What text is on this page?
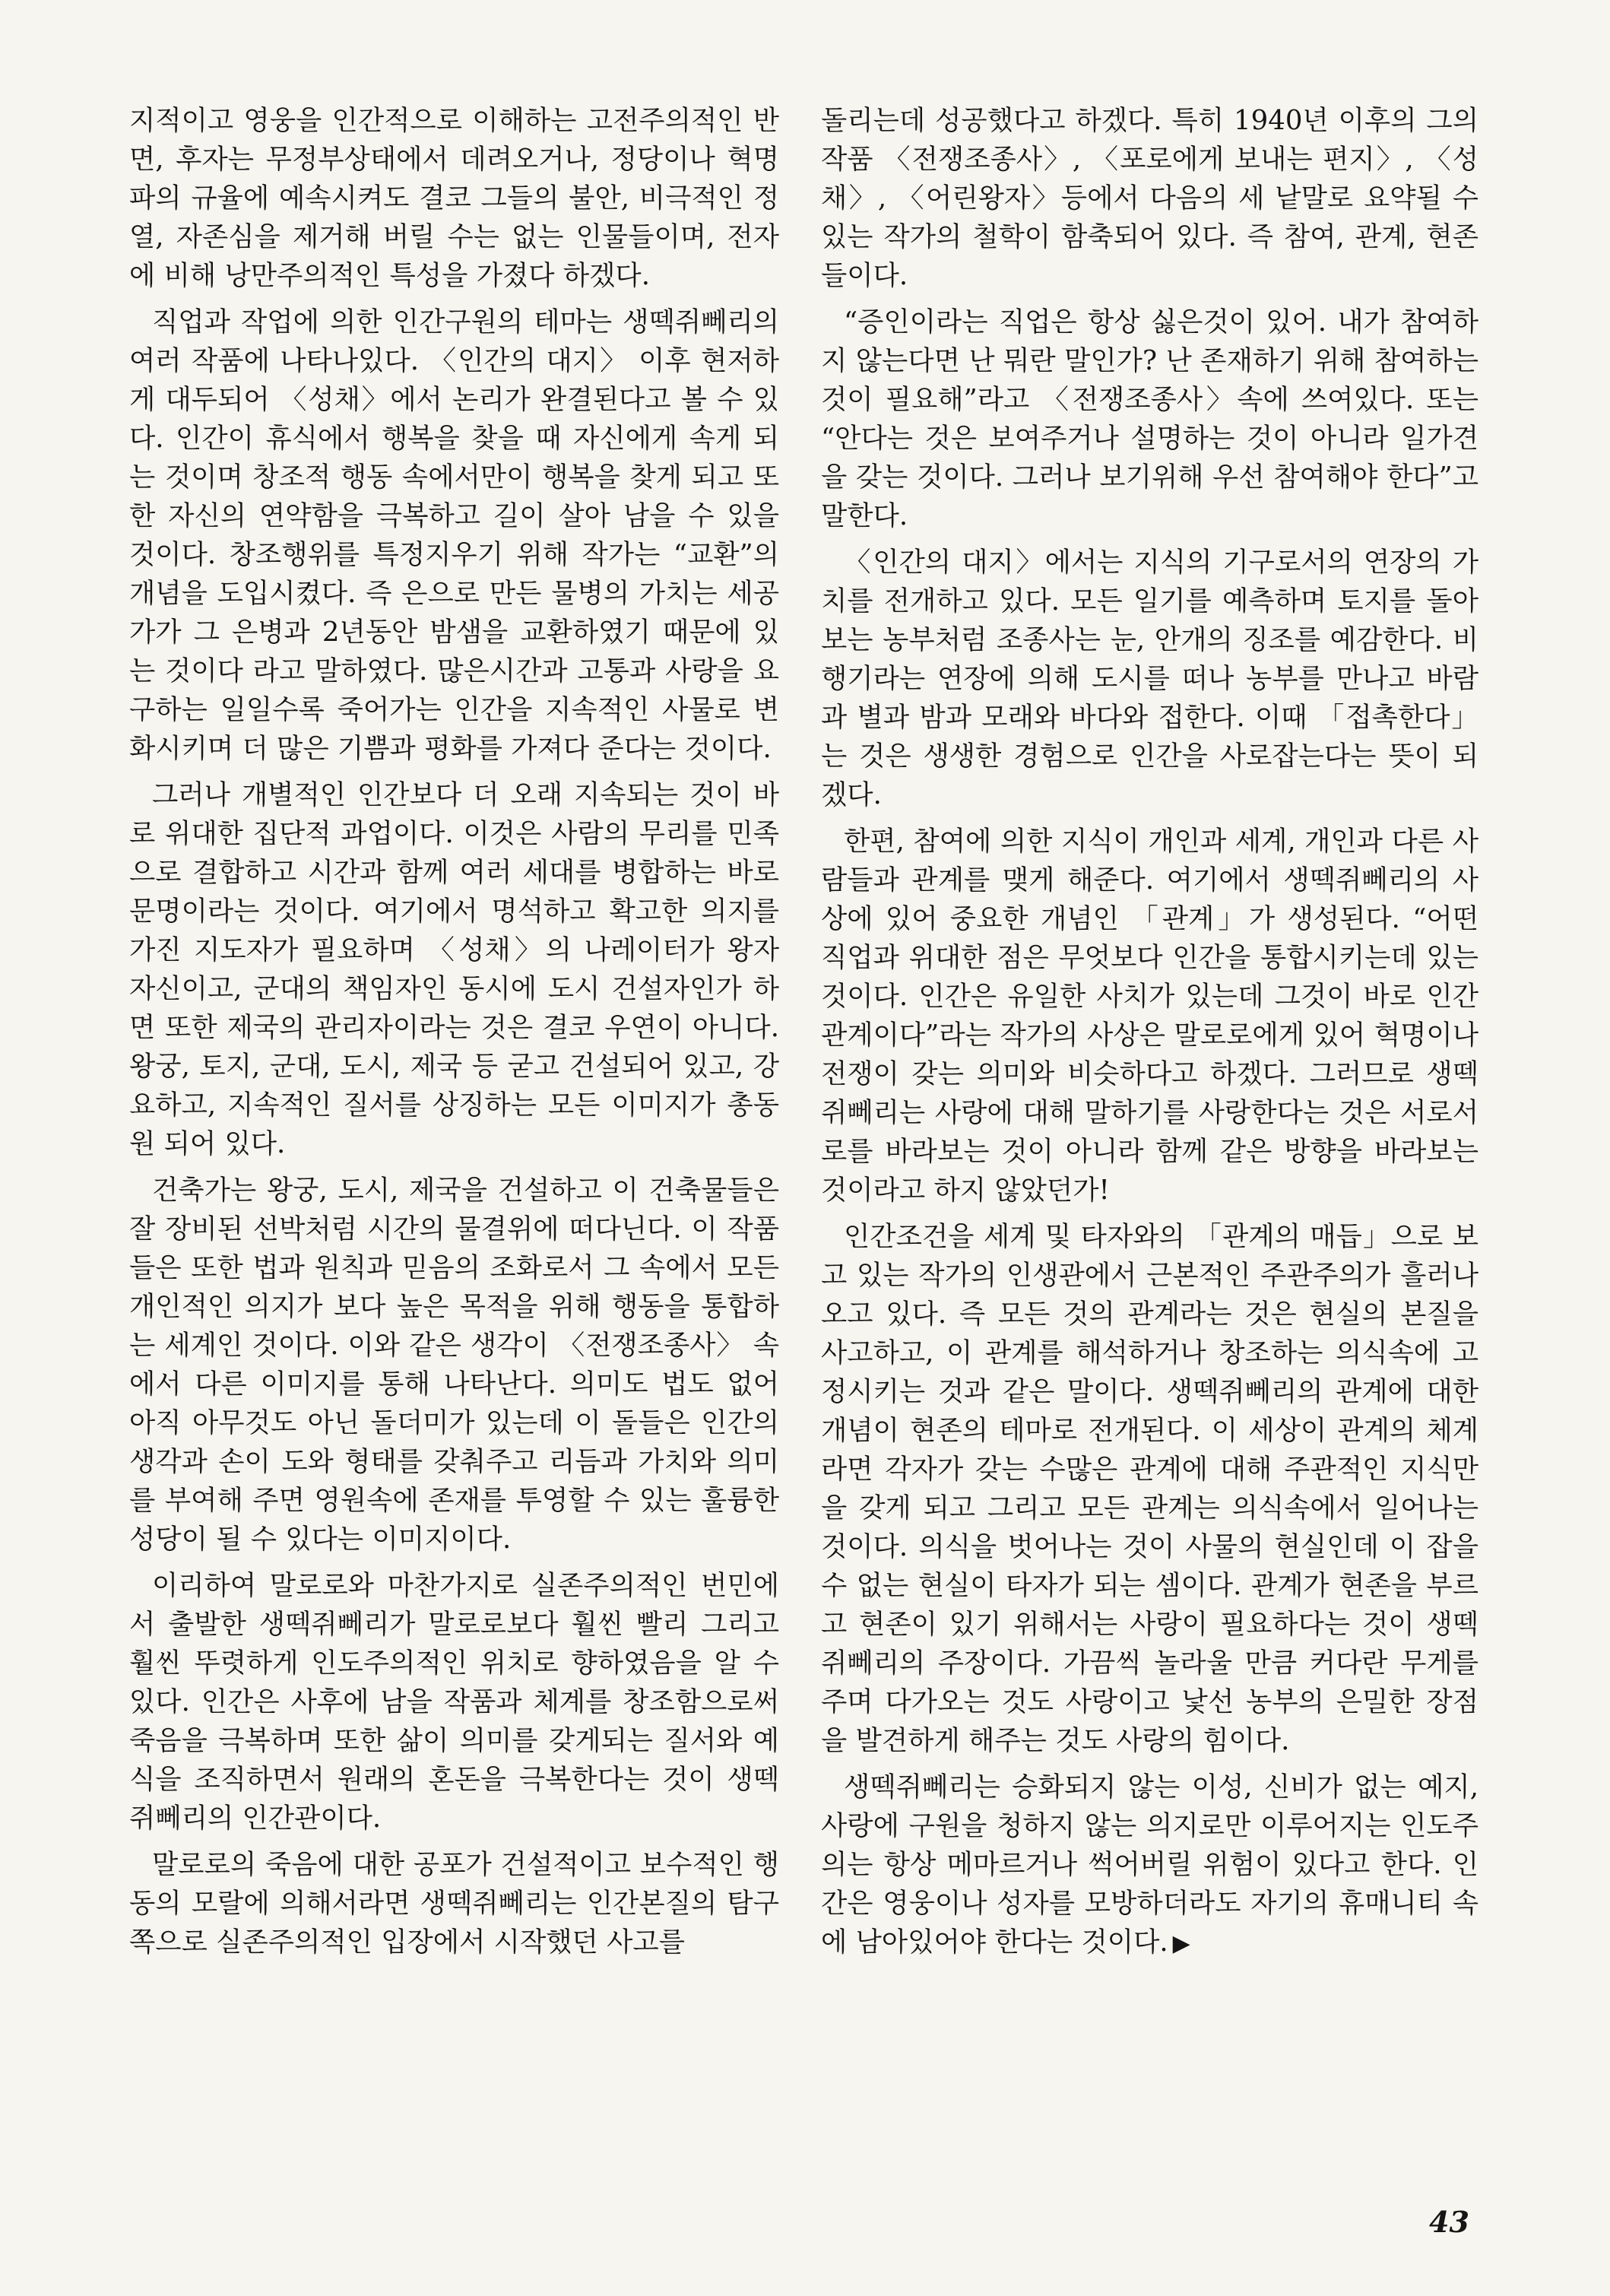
지적이고 영웅을 인간적으로 이해하는 고전주의적인 반면, 후자는 무정부상태에서 데려오거나, 정당이나 혁명파의 규율에 예속시켜도 결코 그들의 불안, 비극적인 정열, 자존심을 제거해 버릴 수는 없는 인물들이며, 전자에 비해 낭만주의적인 특성을 가졌다 하겠다.

직업과 작업에 의한 인간구원의 테마는 생떽쥐뻬리의 여러 작품에 나타나있다. 〈인간의 대지〉 이후 현저하게 대두되어 〈성채〉에서 논리가 완결된다고 볼 수 있다. 인간이 휴식에서 행복을 찾을 때 자신에게 속게 되는 것이며 창조적 행동 속에서만이 행복을 찾게 되고 또한 자신의 연약함을 극복하고 길이 살아 남을 수 있을 것이다. 창조행위를 특정지우기 위해 작가는 “교환”의 개념을 도입시켰다. 즉 은으로 만든 물병의 가치는 세공가가 그 은병과 2년동안 밤샘을 교환하였기 때문에 있는 것이다 라고 말하였다. 많은시간과 고통과 사랑을 요구하는 일일수록 죽어가는 인간을 지속적인 사물로 변화시키며 더 많은 기쁨과 평화를 가져다 준다는 것이다.

그러나 개별적인 인간보다 더 오래 지속되는 것이 바로 위대한 집단적 과업이다. 이것은 사람의 무리를 민족으로 결합하고 시간과 함께 여러 세대를 병합하는 바로 문명이라는 것이다. 여기에서 명석하고 확고한 의지를 가진 지도자가 필요하며 〈성채〉의 나레이터가 왕자 자신이고, 군대의 책임자인 동시에 도시 건설자인가 하면 또한 제국의 관리자이라는 것은 결코 우연이 아니다. 왕궁, 토지, 군대, 도시, 제국 등 굳고 건설되어 있고, 강요하고, 지속적인 질서를 상징하는 모든 이미지가 총동원 되어 있다.

건축가는 왕궁, 도시, 제국을 건설하고 이 건축물들은 잘 장비된 선박처럼 시간의 물결위에 떠다닌다. 이 작품들은 또한 법과 원칙과 믿음의 조화로서 그 속에서 모든 개인적인 의지가 보다 높은 목적을 위해 행동을 통합하는 세계인 것이다. 이와 같은 생각이 〈전쟁조종사〉 속에서 다른 이미지를 통해 나타난다. 의미도 법도 없어 아직 아무것도 아닌 돌더미가 있는데 이 돌들은 인간의 생각과 손이 도와 형태를 갖춰주고 리듬과 가치와 의미를 부여해 주면 영원속에 존재를 투영할 수 있는 훌륭한 성당이 될 수 있다는 이미지이다.

이리하여 말로로와 마찬가지로 실존주의적인 번민에서 출발한 생떽쥐뻬리가 말로로보다 훨씬 빨리 그리고 훨씬 뚜렷하게 인도주의적인 위치로 향하였음을 알 수 있다. 인간은 사후에 남을 작품과 체계를 창조함으로써 죽음을 극복하며 또한 삶이 의미를 갖게되는 질서와 예식을 조직하면서 원래의 혼돈을 극복한다는 것이 생떽쥐뻬리의 인간관이다.

말로로의 죽음에 대한 공포가 건설적이고 보수적인 행동의 모랄에 의해서라면 생떽쥐뻬리는 인간본질의 탐구쪽으로 실존주의적인 입장에서 시작했던 사고를

돌리는데 성공했다고 하겠다. 특히 1940년 이후의 그의 작품 〈전쟁조종사〉, 〈포로에게 보내는 편지〉, 〈성채〉, 〈어린왕자〉등에서 다음의 세 낱말로 요약될 수 있는 작가의 철학이 함축되어 있다. 즉 참여, 관계, 현존 들이다.

“증인이라는 직업은 항상 싫은것이 있어. 내가 참여하지 않는다면 난 뭐란 말인가? 난 존재하기 위해 참여하는 것이 필요해”라고 〈전쟁조종사〉속에 쓰여있다. 또는 “안다는 것은 보여주거나 설명하는 것이 아니라 일가견을 갖는 것이다. 그러나 보기위해 우선 참여해야 한다”고 말한다.

〈인간의 대지〉에서는 지식의 기구로서의 연장의 가치를 전개하고 있다. 모든 일기를 예측하며 토지를 돌아보는 농부처럼 조종사는 눈, 안개의 징조를 예감한다. 비행기라는 연장에 의해 도시를 떠나 농부를 만나고 바람과 별과 밤과 모래와 바다와 접한다. 이때 「접촉한다」는 것은 생생한 경험으로 인간을 사로잡는다는 뜻이 되겠다.

한편, 참여에 의한 지식이 개인과 세계, 개인과 다른 사람들과 관계를 맺게 해준다. 여기에서 생떽쥐뻬리의 사상에 있어 중요한 개념인 「관계」가 생성된다. “어떤 직업과 위대한 점은 무엇보다 인간을 통합시키는데 있는 것이다. 인간은 유일한 사치가 있는데 그것이 바로 인간관계이다”라는 작가의 사상은 말로로에게 있어 혁명이나 전쟁이 갖는 의미와 비슷하다고 하겠다. 그러므로 생떽쥐뻬리는 사랑에 대해 말하기를 사랑한다는 것은 서로서로를 바라보는 것이 아니라 함께 같은 방향을 바라보는 것이라고 하지 않았던가!

인간조건을 세계 및 타자와의 「관계의 매듭」으로 보고 있는 작가의 인생관에서 근본적인 주관주의가 흘러나오고 있다. 즉 모든 것의 관계라는 것은 현실의 본질을 사고하고, 이 관계를 해석하거나 창조하는 의식속에 고정시키는 것과 같은 말이다. 생떽쥐뻬리의 관계에 대한 개념이 현존의 테마로 전개된다. 이 세상이 관계의 체계라면 각자가 갖는 수많은 관계에 대해 주관적인 지식만을 갖게 되고 그리고 모든 관계는 의식속에서 일어나는 것이다. 의식을 벗어나는 것이 사물의 현실인데 이 잡을 수 없는 현실이 타자가 되는 셈이다. 관계가 현존을 부르고 현존이 있기 위해서는 사랑이 필요하다는 것이 생떽쥐뻬리의 주장이다. 가끔씩 놀라울 만큼 커다란 무게를 주며 다가오는 것도 사랑이고 낯선 농부의 은밀한 장점을 발견하게 해주는 것도 사랑의 힘이다.

생떽쥐뻬리는 승화되지 않는 이성, 신비가 없는 예지, 사랑에 구원을 청하지 않는 의지로만 이루어지는 인도주의는 항상 메마르거나 썩어버릴 위험이 있다고 한다. 인간은 영웅이나 성자를 모방하더라도 자기의 휴매니티 속에 남아있어야 한다는 것이다. ▶

43
